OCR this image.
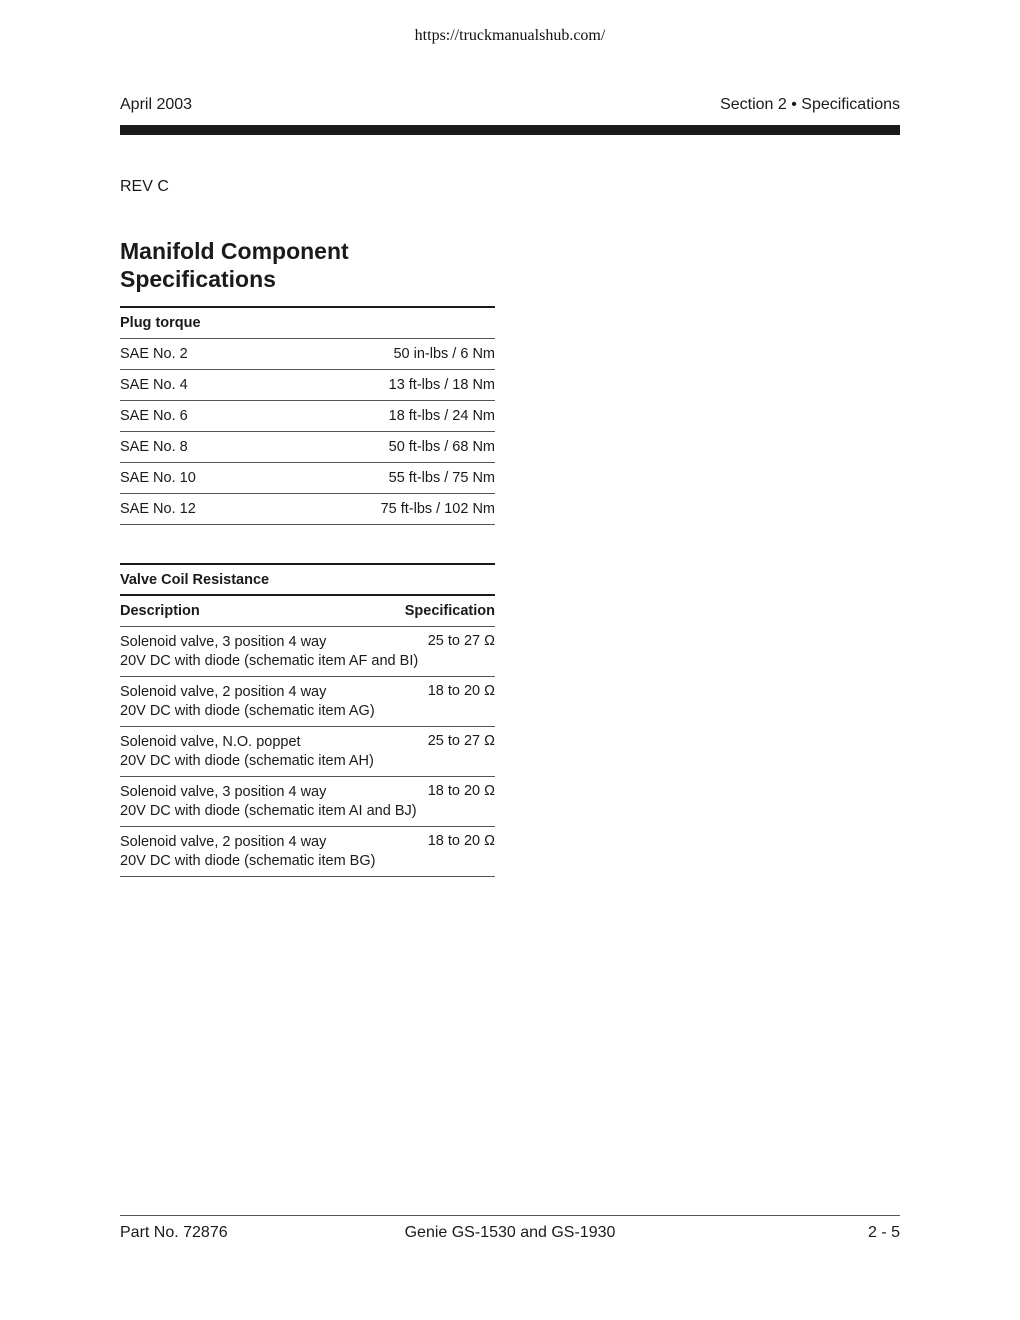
https://truckmanualshub.com/
April 2003	Section 2 • Specifications
REV C
Manifold Component
Specifications
Plug torque
SAE No. 2	50 in-lbs / 6 Nm
SAE No. 4	13 ft-lbs / 18 Nm
SAE No. 6	18 ft-lbs / 24 Nm
SAE No. 8	50 ft-lbs / 68 Nm
SAE No. 10	55 ft-lbs / 75 Nm
SAE No. 12	75 ft-lbs / 102 Nm
Valve Coil Resistance
Description	Specification
Solenoid valve, 3 position 4 way
20V DC with diode (schematic item AF and BI)
25 to 27 Ω
Solenoid valve, 2 position 4 way
20V DC with diode (schematic item AG)
18 to 20 Ω
Solenoid valve, N.O. poppet
20V DC with diode (schematic item AH)
25 to 27 Ω
Solenoid valve, 3 position 4 way
20V DC with diode (schematic item AI and BJ)
18 to 20 Ω
Solenoid valve, 2 position 4 way
20V DC with diode (schematic item BG)
18 to 20 Ω
Part No. 72876	Genie GS-1530 and GS-1930	2 - 5
